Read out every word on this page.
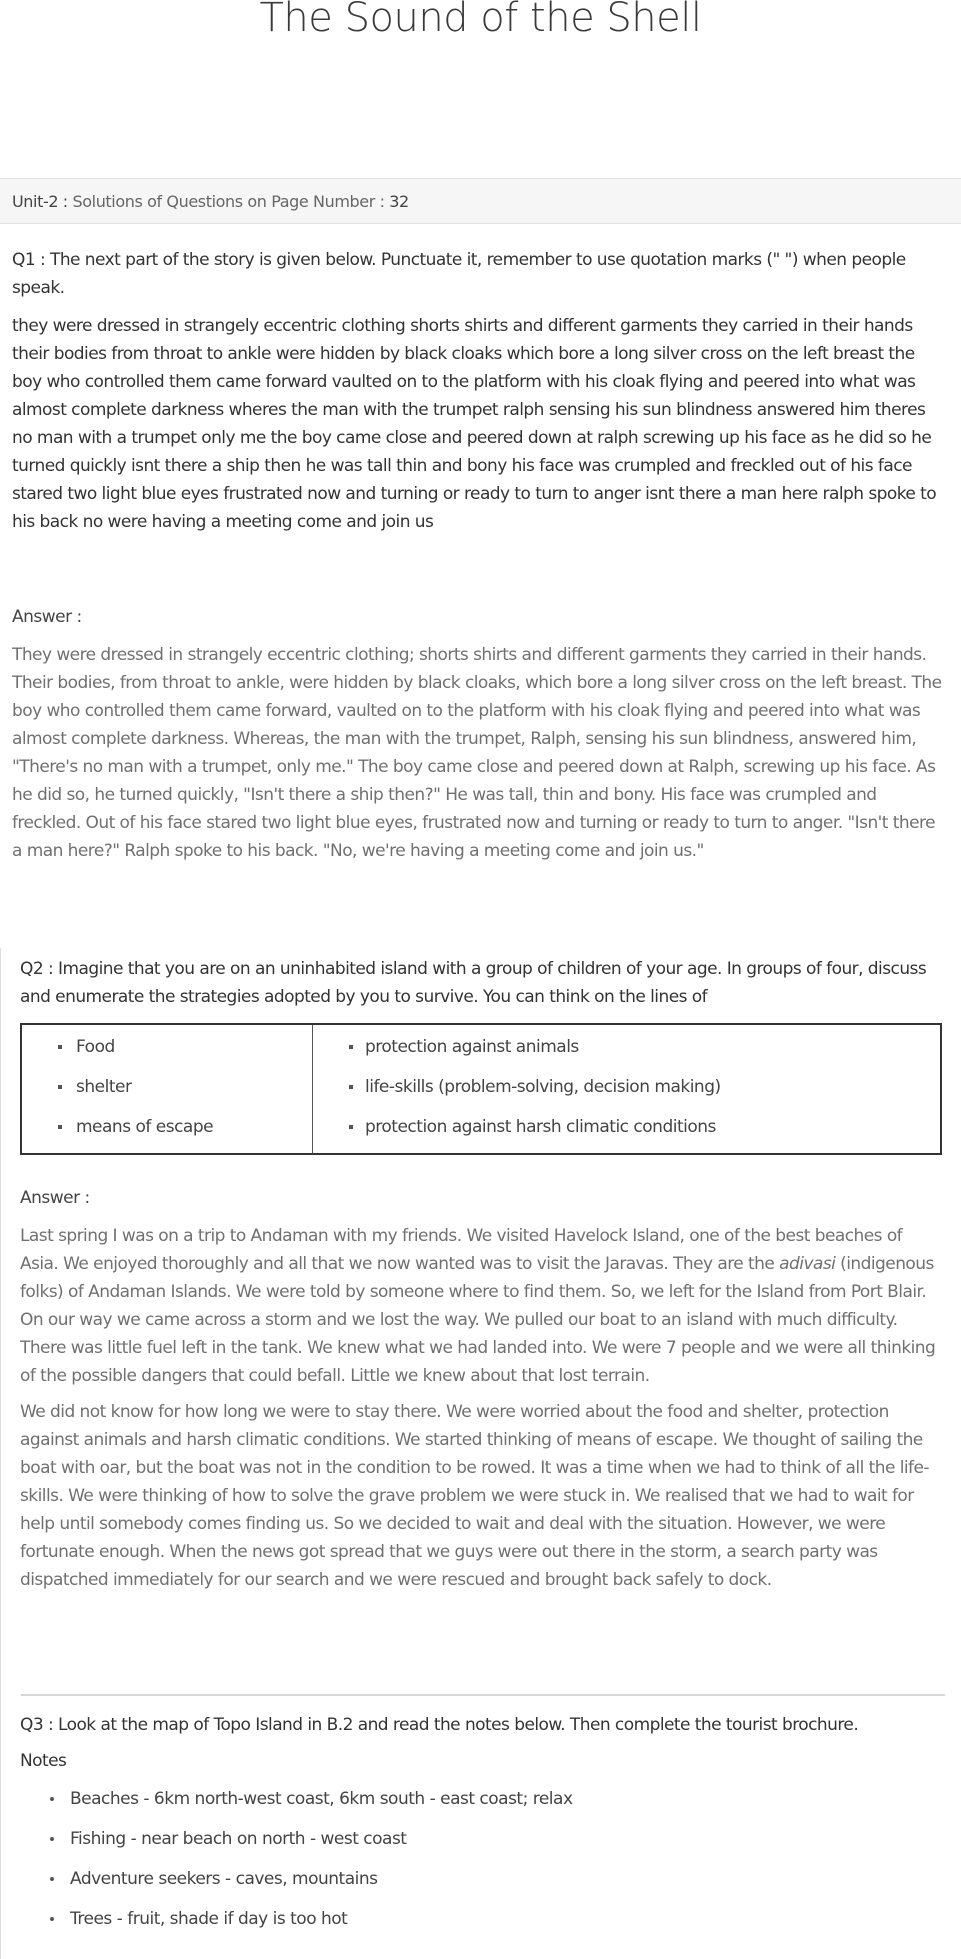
The Sound of the Shell
Unit-2 : Solutions of Questions on Page Number : 32

Q1 : The next part of the story is given below. Punctuate it, remember to use quotation marks (" ") when people speak.

they were dressed in strangely eccentric clothing shorts shirts and different garments they carried in their hands their bodies from throat to ankle were hidden by black cloaks which bore a long silver cross on the left breast the boy who controlled them came forward vaulted on to the platform with his cloak flying and peered into what was almost complete darkness wheres the man with the trumpet ralph sensing his sun blindness answered him theres no man with a trumpet only me the boy came close and peered down at ralph screwing up his face as he did so he turned quickly isnt there a ship then he was tall thin and bony his face was crumpled and freckled out of his face stared two light blue eyes frustrated now and turning or ready to turn to anger isnt there a man here ralph spoke to his back no were having a meeting come and join us

Answer :

They were dressed in strangely eccentric clothing; shorts shirts and different garments they carried in their hands. Their bodies, from throat to ankle, were hidden by black cloaks, which bore a long silver cross on the left breast. The boy who controlled them came forward, vaulted on to the platform with his cloak flying and peered into what was almost complete darkness. Whereas, the man with the trumpet, Ralph, sensing his sun blindness, answered him, "There's no man with a trumpet, only me." The boy came close and peered down at Ralph, screwing up his face. As he did so, he turned quickly, "Isn't there a ship then?" He was tall, thin and bony. His face was crumpled and freckled. Out of his face stared two light blue eyes, frustrated now and turning or ready to turn to anger. "Isn't there a man here?" Ralph spoke to his back. "No, we're having a meeting come and join us."

Q2 : Imagine that you are on an uninhabited island with a group of children of your age. In groups of four, discuss and enumerate the strategies adopted by you to survive. You can think on the lines of

Food
shelter
means of escape

protection against animals
life-skills (problem-solving, decision making)
protection against harsh climatic conditions

Answer :

Last spring I was on a trip to Andaman with my friends. We visited Havelock Island, one of the best beaches of Asia. We enjoyed thoroughly and all that we now wanted was to visit the Jaravas. They are the adivasi (indigenous folks) of Andaman Islands. We were told by someone where to find them. So, we left for the Island from Port Blair. On our way we came across a storm and we lost the way. We pulled our boat to an island with much difficulty. There was little fuel left in the tank. We knew what we had landed into. We were 7 people and we were all thinking of the possible dangers that could befall. Little we knew about that lost terrain.

We did not know for how long we were to stay there. We were worried about the food and shelter, protection against animals and harsh climatic conditions. We started thinking of means of escape. We thought of sailing the boat with oar, but the boat was not in the condition to be rowed. It was a time when we had to think of all the life-skills. We were thinking of how to solve the grave problem we were stuck in. We realised that we had to wait for help until somebody comes finding us. So we decided to wait and deal with the situation. However, we were fortunate enough. When the news got spread that we guys were out there in the storm, a search party was dispatched immediately for our search and we were rescued and brought back safely to dock.

Q3 : Look at the map of Topo Island in B.2 and read the notes below. Then complete the tourist brochure.

Notes

Beaches - 6km north-west coast, 6km south - east coast; relax
Fishing - near beach on north - west coast
Adventure seekers - caves, mountains
Trees - fruit, shade if day is too hot
